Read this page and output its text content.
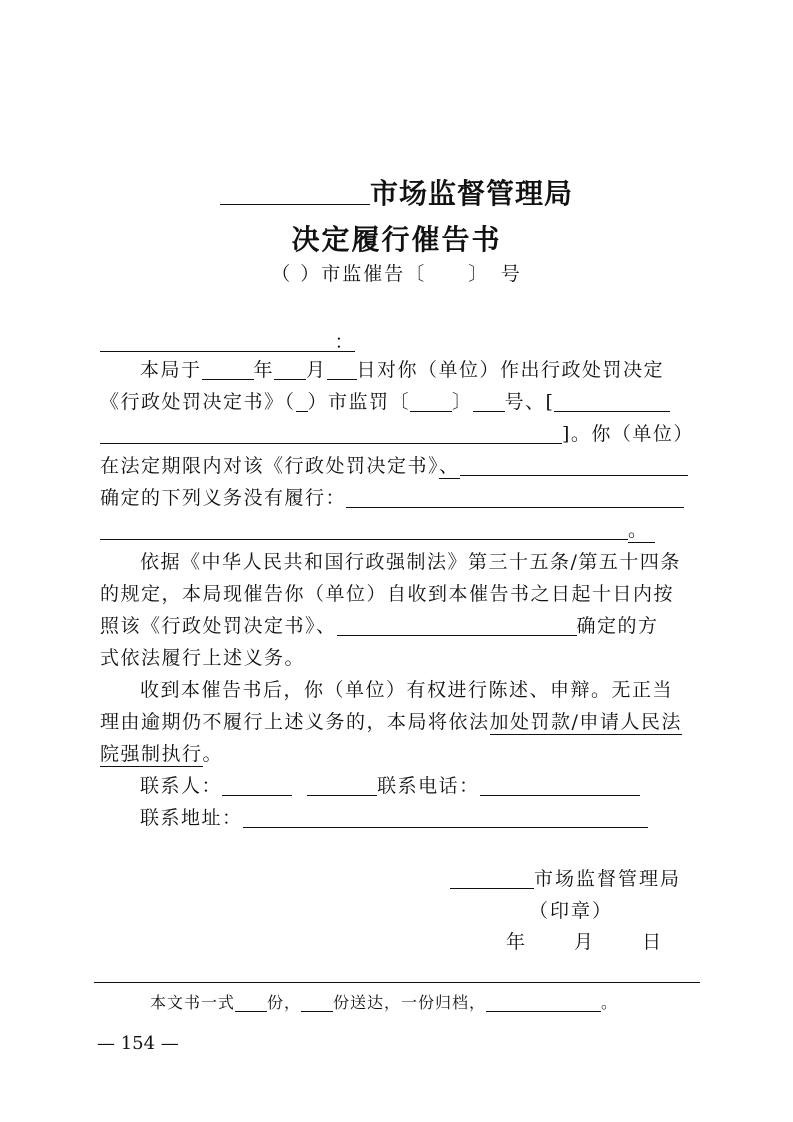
市场监督管理局
决定履行催告书
（ ）市监催告〔　　〕　号
：
本局于	年 月 日对你（单位）作出行政处罚决定
《行政处罚决定书》（ ）市监罚〔 〕 号、[
]。你（单位）
在法定期限内对该《行政处罚决定书》、
确定的下列义务没有履行：
。
依据《中华人民共和国行政强制法》第三十五条/第五十四条
的规定，本局现催告你（单位）自收到本催告书之日起十日内按
照该《行政处罚决定书》、	确定的方
式依法履行上述义务。
收到本催告书后，你（单位）有权进行陈述、申辩。无正当
理由逾期仍不履行上述义务的，本局将依法加处罚款/申请人民法
院强制执行。
联系人：	联系电话：
联系地址：
市场监督管理局
（印章）
年　 月　 日
本文书一式 份， 份送达，一份归档，	。
— 154 —
